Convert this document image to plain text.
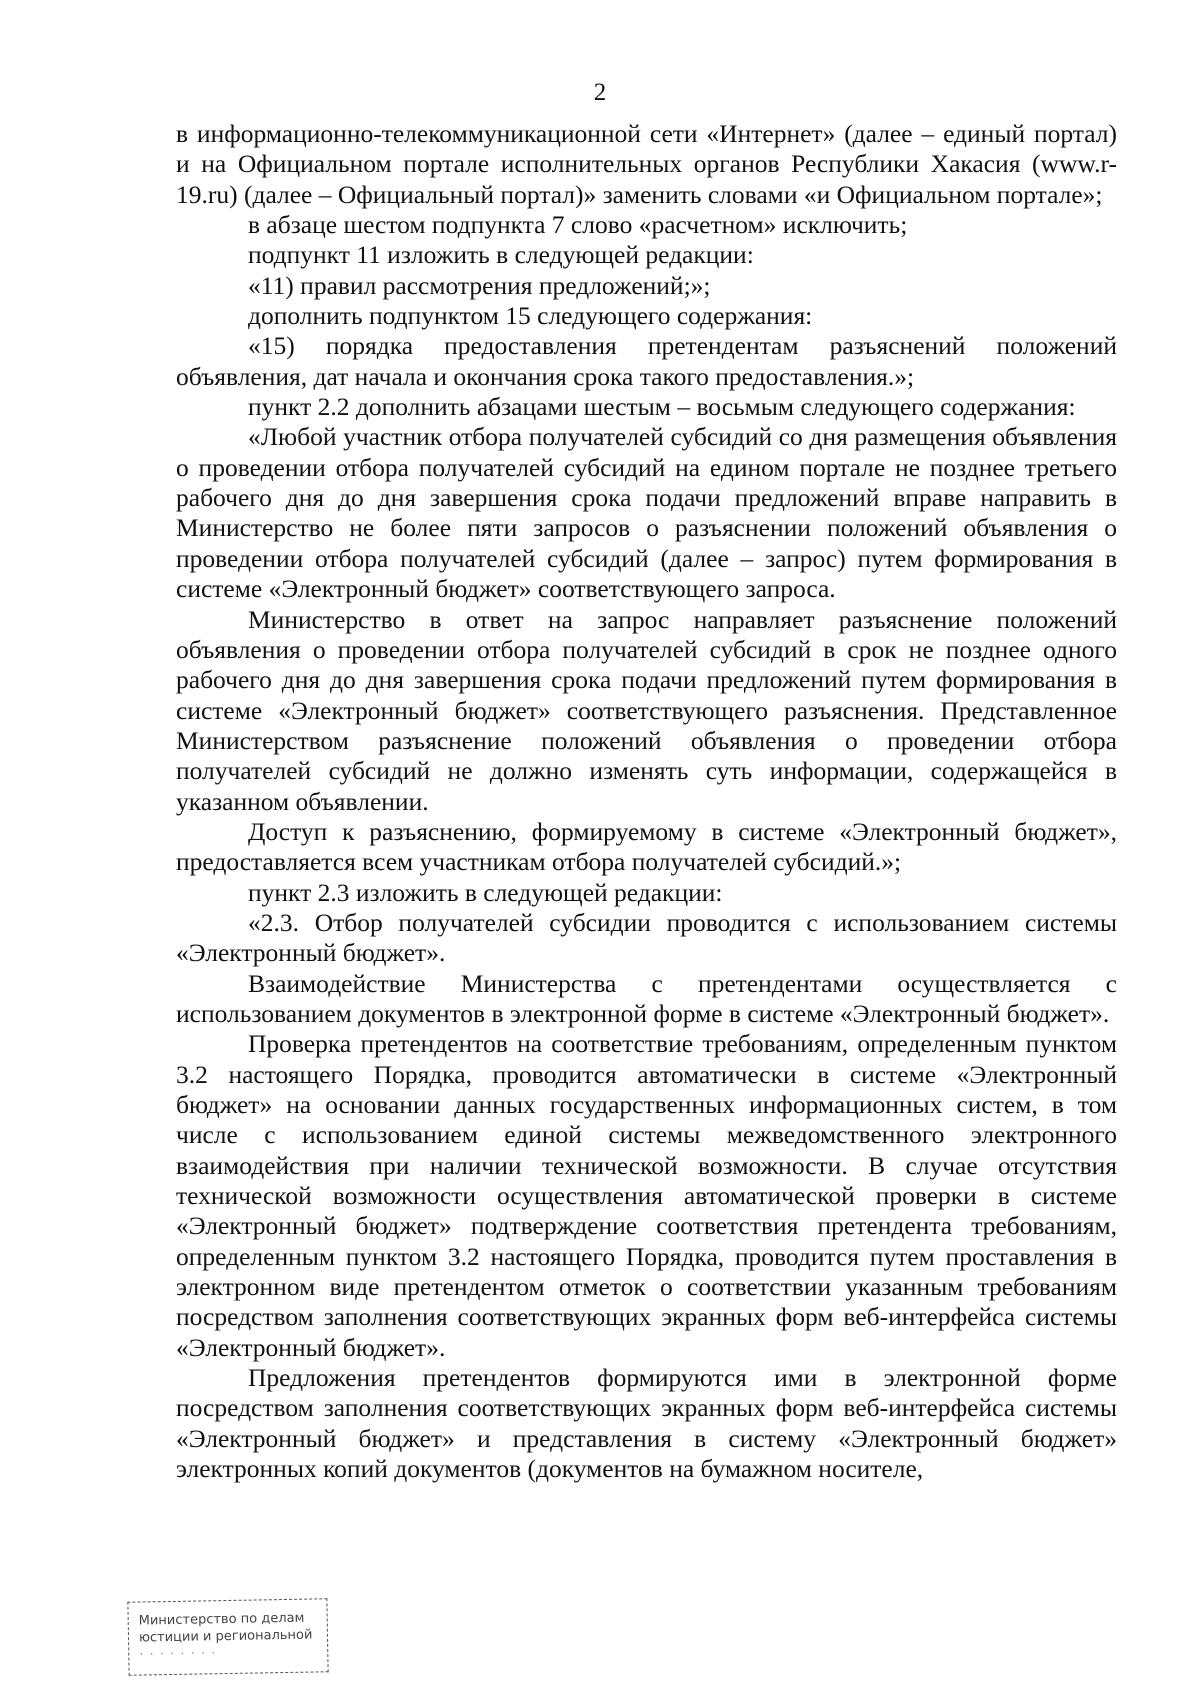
2

в информационно-телекоммуникационной сети «Интернет» (далее – единый портал) и на Официальном портале исполнительных органов Республики Хакасия (www.r-19.ru) (далее – Официальный портал)» заменить словами «и Официальном портале»;

в абзаце шестом подпункта 7 слово «расчетном» исключить;

подпункт 11 изложить в следующей редакции:

«11) правил рассмотрения предложений;»;

дополнить подпунктом 15 следующего содержания:

«15) порядка предоставления претендентам разъяснений положений объявления, дат начала и окончания срока такого предоставления.»;

пункт 2.2 дополнить абзацами шестым – восьмым следующего содержания:

«Любой участник отбора получателей субсидий со дня размещения объявления о проведении отбора получателей субсидий на едином портале не позднее третьего рабочего дня до дня завершения срока подачи предложений вправе направить в Министерство не более пяти запросов о разъяснении положений объявления о проведении отбора получателей субсидий (далее – запрос) путем формирования в системе «Электронный бюджет» соответствующего запроса.

Министерство в ответ на запрос направляет разъяснение положений объявления о проведении отбора получателей субсидий в срок не позднее одного рабочего дня до дня завершения срока подачи предложений путем формирования в системе «Электронный бюджет» соответствующего разъяснения. Представленное Министерством разъяснение положений объявления о проведении отбора получателей субсидий не должно изменять суть информации, содержащейся в указанном объявлении.

Доступ к разъяснению, формируемому в системе «Электронный бюджет», предоставляется всем участникам отбора получателей субсидий.»;

пункт 2.3 изложить в следующей редакции:

«2.3. Отбор получателей субсидии проводится с использованием системы «Электронный бюджет».

Взаимодействие Министерства с претендентами осуществляется с использованием документов в электронной форме в системе «Электронный бюджет».

Проверка претендентов на соответствие требованиям, определенным пунктом 3.2 настоящего Порядка, проводится автоматически в системе «Электронный бюджет» на основании данных государственных информационных систем, в том числе с использованием единой системы межведомственного электронного взаимодействия при наличии технической возможности. В случае отсутствия технической возможности осуществления автоматической проверки в системе «Электронный бюджет» подтверждение соответствия претендента требованиям, определенным пунктом 3.2 настоящего Порядка, проводится путем проставления в электронном виде претендентом отметок о соответствии указанным требованиям посредством заполнения соответствующих экранных форм веб-интерфейса системы «Электронный бюджет».

Предложения претендентов формируются ими в электронной форме посредством заполнения соответствующих экранных форм веб-интерфейса системы «Электронный бюджет» и представления в систему «Электронный бюджет» электронных копий документов (документов на бумажном носителе,

Министерство по делам
юстиции и региональной
· · · · · · · ·
